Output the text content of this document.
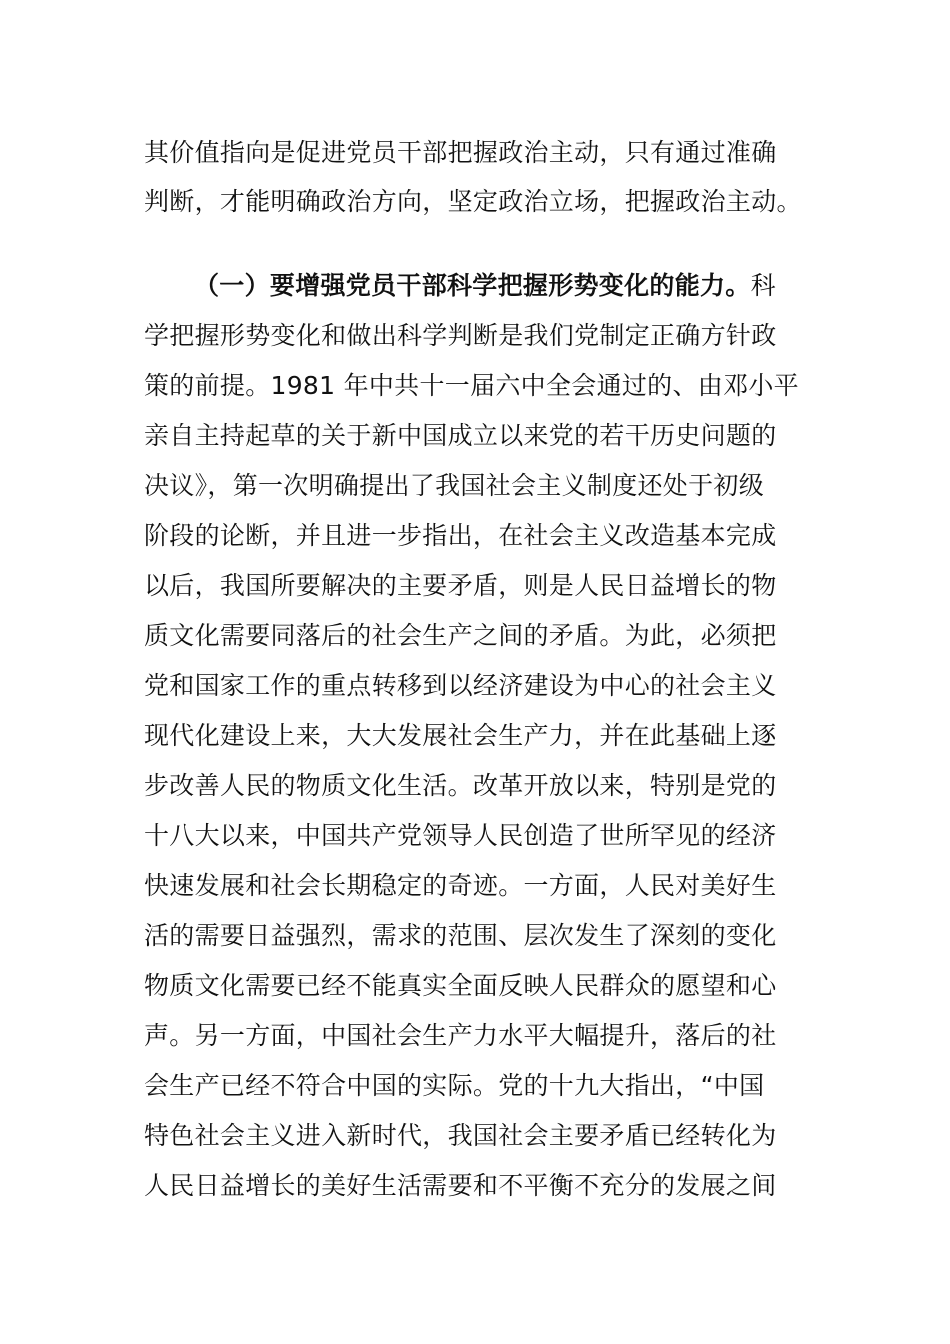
其价值指向是促进党员干部把握政治主动，只有通过准确
判断，才能明确政治方向，坚定政治立场，把握政治主动。
（一）要增强党员干部科学把握形势变化的能力。科
学把握形势变化和做出科学判断是我们党制定正确方针政
策的前提。1981 年中共十一届六中全会通过的、由邓小平
亲自主持起草的关于新中国成立以来党的若干历史问题的
决议》，第一次明确提出了我国社会主义制度还处于初级
阶段的论断，并且进一步指出，在社会主义改造基本完成
以后，我国所要解决的主要矛盾，则是人民日益增长的物
质文化需要同落后的社会生产之间的矛盾。为此，必须把
党和国家工作的重点转移到以经济建设为中心的社会主义
现代化建设上来，大大发展社会生产力，并在此基础上逐
步改善人民的物质文化生活。改革开放以来，特别是党的
十八大以来，中国共产党领导人民创造了世所罕见的经济
快速发展和社会长期稳定的奇迹。一方面，人民对美好生
活的需要日益强烈，需求的范围、层次发生了深刻的变化
物质文化需要已经不能真实全面反映人民群众的愿望和心
声。另一方面，中国社会生产力水平大幅提升，落后的社
会生产已经不符合中国的实际。党的十九大指出，“中国
特色社会主义进入新时代，我国社会主要矛盾已经转化为
人民日益增长的美好生活需要和不平衡不充分的发展之间
